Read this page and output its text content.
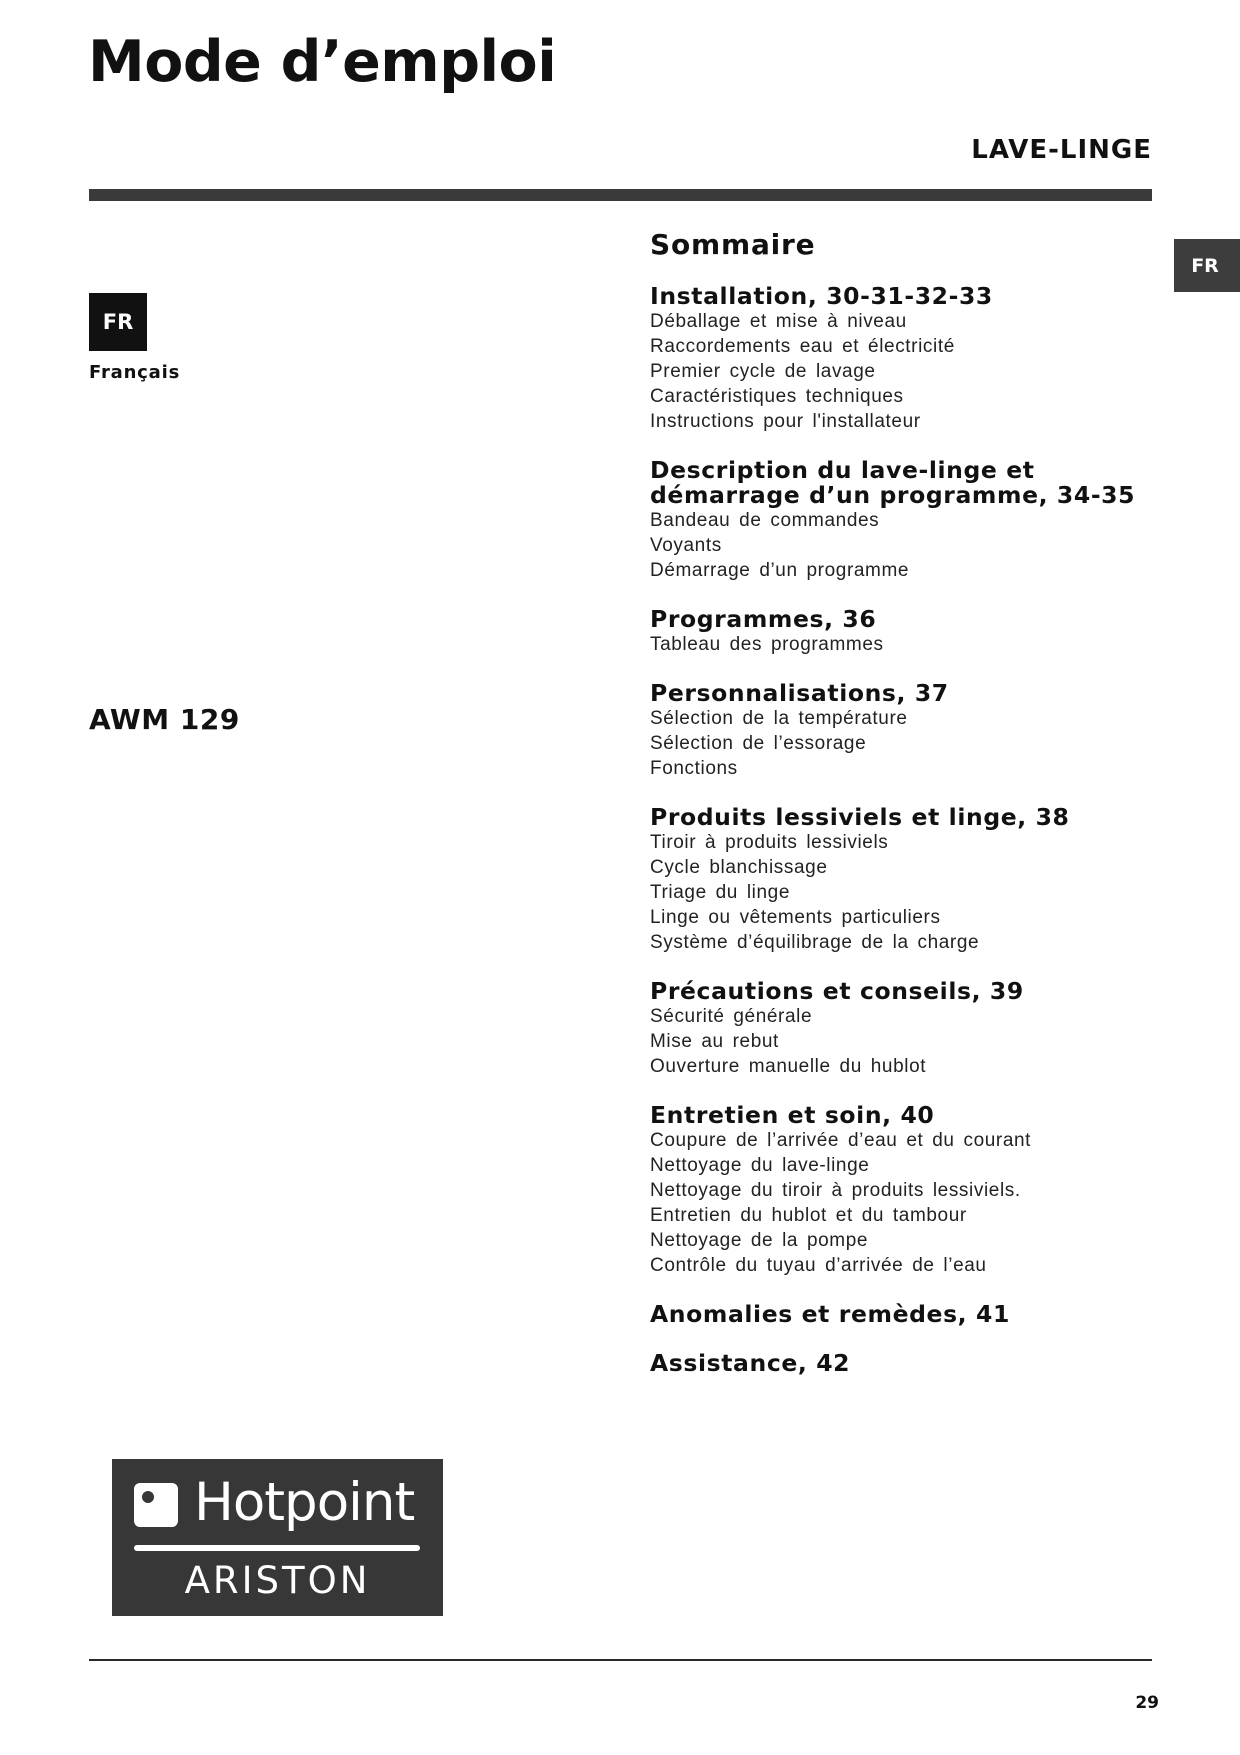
Mode d’emploi
LAVE-LINGE
FR
FR
Français
AWM 129
Sommaire
Installation, 30-31-32-33
Déballage et mise à niveau
Raccordements eau et électricité
Premier cycle de lavage
Caractéristiques techniques
Instructions pour l'installateur
Description du lave-linge et
démarrage d’un programme, 34-35
Bandeau de commandes
Voyants
Démarrage d’un programme
Programmes, 36
Tableau des programmes
Personnalisations, 37
Sélection de la température
Sélection de l’essorage
Fonctions
Produits lessiviels et linge, 38
Tiroir à produits lessiviels
Cycle blanchissage
Triage du linge
Linge ou vêtements particuliers
Système d’équilibrage de la charge
Précautions et conseils, 39
Sécurité générale
Mise au rebut
Ouverture manuelle du hublot
Entretien et soin, 40
Coupure de l’arrivée d’eau et du courant
Nettoyage du lave-linge
Nettoyage du tiroir à produits lessiviels.
Entretien du hublot et du tambour
Nettoyage de la pompe
Contrôle du tuyau d’arrivée de l’eau
Anomalies et remèdes, 41
Assistance, 42
Hotpoint
ARISTON
29
